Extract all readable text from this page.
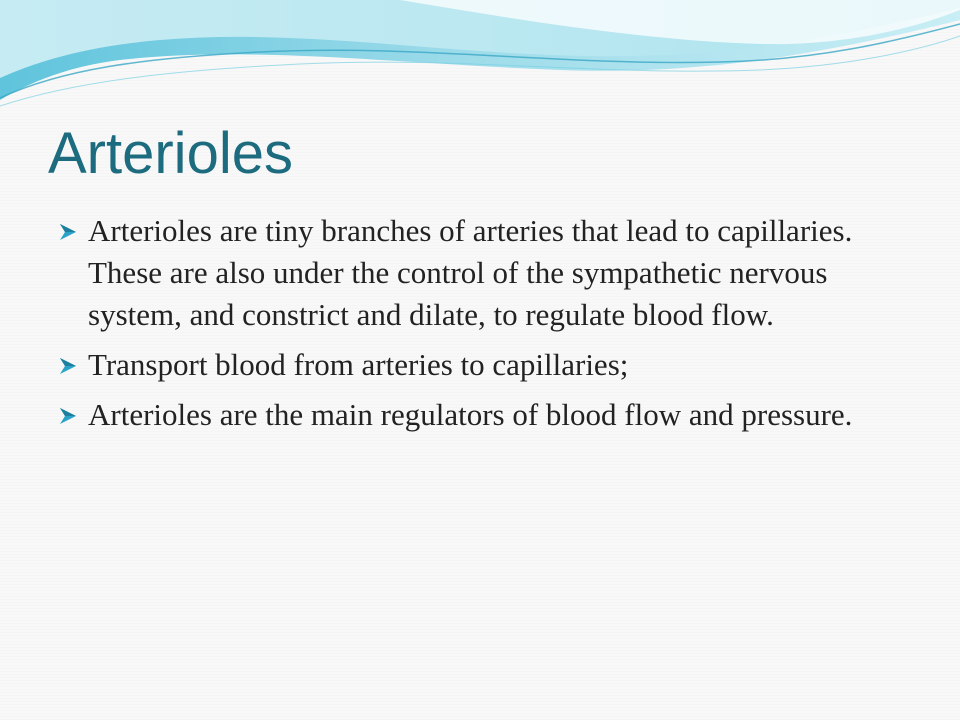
Arterioles
Arterioles are tiny branches of arteries that lead to capillaries. These are also under the control of the sympathetic nervous system, and constrict and dilate, to regulate blood flow.
Transport blood from arteries to capillaries;
Arterioles are the main regulators of blood flow and pressure.
